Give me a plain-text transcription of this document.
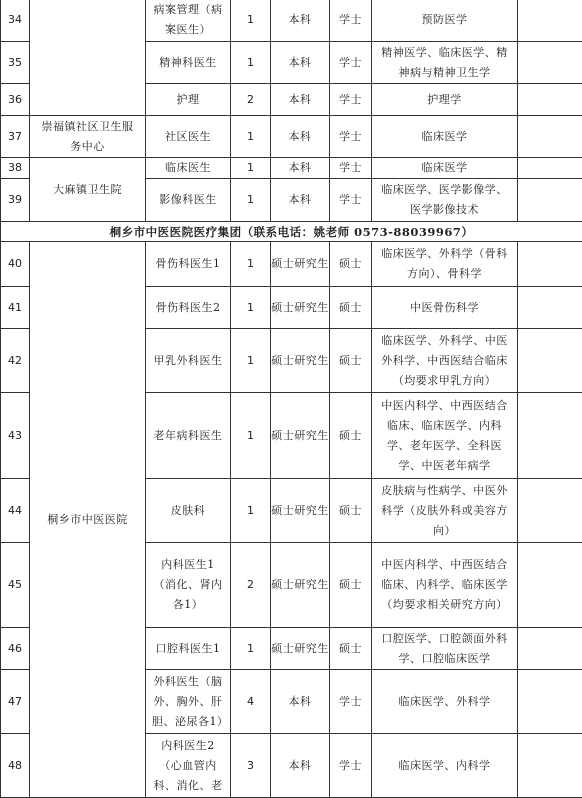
34		病案管理（病案医生）	1	本科	学士	预防医学	
35		精神科医生	1	本科	学士	精神医学、临床医学、精神病与精神卫生学	
36		护理	2	本科	学士	护理学	
37	崇福镇社区卫生服务中心	社区医生	1	本科	学士	临床医学	
38	大麻镇卫生院	临床医生	1	本科	学士	临床医学	
39		影像科医生	1	本科	学士	临床医学、医学影像学、医学影像技术	
桐乡市中医医院医疗集团（联系电话：姚老师 0573-88039967）							
40	桐乡市中医医院	骨伤科医生1	1	硕士研究生	硕士	临床医学、外科学（骨科方向）、骨科学	
41		骨伤科医生2	1	硕士研究生	硕士	中医骨伤科学	
42		甲乳外科医生	1	硕士研究生	硕士	临床医学、外科学、中医外科学、中西医结合临床（均要求甲乳方向）	
43		老年病科医生	1	硕士研究生	硕士	中医内科学、中西医结合临床、临床医学、内科学、老年医学、全科医学、中医老年病学	
44		皮肤科	1	硕士研究生	硕士	皮肤病与性病学、中医外科学（皮肤外科或美容方向）	
45		内科医生1（消化、肾内各1）	2	硕士研究生	硕士	中医内科学、中西医结合临床、内科学、临床医学（均要求相关研究方向）	
46		口腔科医生1	1	硕士研究生	硕士	口腔医学、口腔颌面外科学、口腔临床医学	
47		外科医生（脑外、胸外、肝胆、泌尿各1）	4	本科	学士	临床医学、外科学	
48		内科医生2（心血管内科、消化、老	3	本科	学士	临床医学、内科学	
